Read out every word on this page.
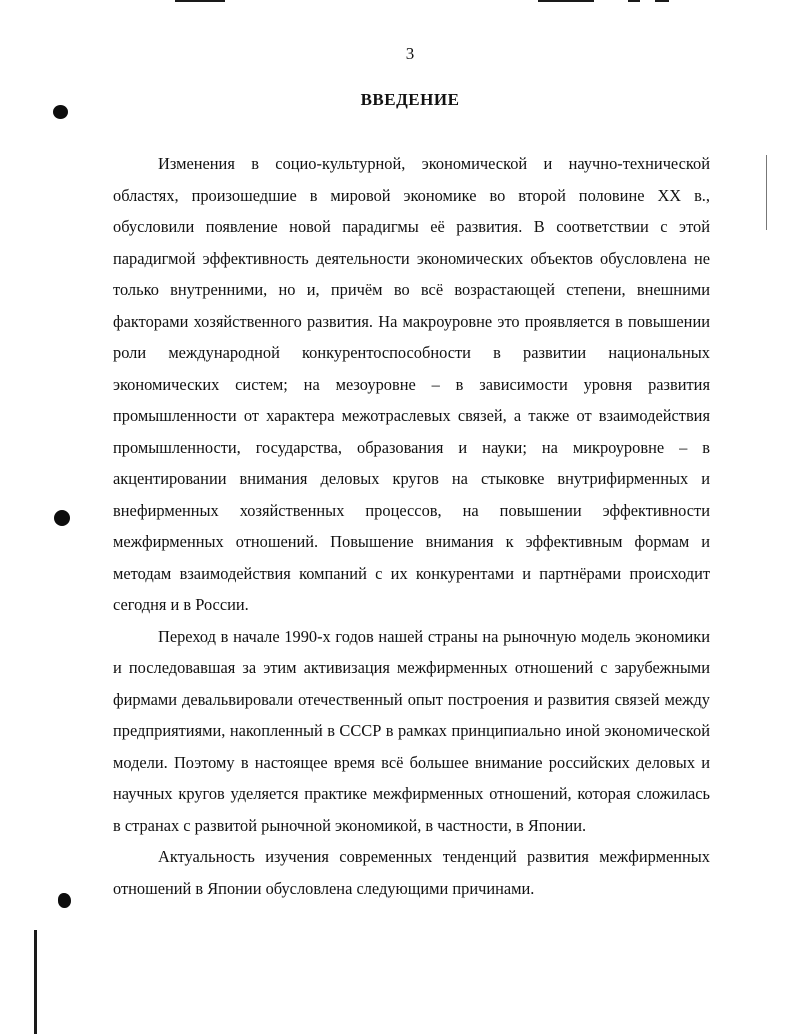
3
ВВЕДЕНИЕ

Изменения в социо-культурной, экономической и научно-технической областях, произошедшие в мировой экономике во второй половине XX в., обусловили появление новой парадигмы её развития. В соответствии с этой парадигмой эффективность деятельности экономических объектов обусловлена не только внутренними, но и, причём во всё возрастающей степени, внешними факторами хозяйственного развития. На макроуровне это проявляется в повышении роли международной конкурентоспособности в развитии национальных экономических систем; на мезоуровне – в зависимости уровня развития промышленности от характера межотраслевых связей, а также от взаимодействия промышленности, государства, образования и науки; на микроуровне – в акцентировании внимания деловых кругов на стыковке внутрифирменных и внефирменных хозяйственных процессов, на повышении эффективности межфирменных отношений. Повышение внимания к эффективным формам и методам взаимодействия компаний с их конкурентами и партнёрами происходит сегодня и в России.

Переход в начале 1990-х годов нашей страны на рыночную модель экономики и последовавшая за этим активизация межфирменных отношений с зарубежными фирмами девальвировали отечественный опыт построения и развития связей между предприятиями, накопленный в СССР в рамках принципиально иной экономической модели. Поэтому в настоящее время всё большее внимание российских деловых и научных кругов уделяется практике межфирменных отношений, которая сложилась в странах с развитой рыночной экономикой, в частности, в Японии.

Актуальность изучения современных тенденций развития межфирменных отношений в Японии обусловлена следующими причинами.
